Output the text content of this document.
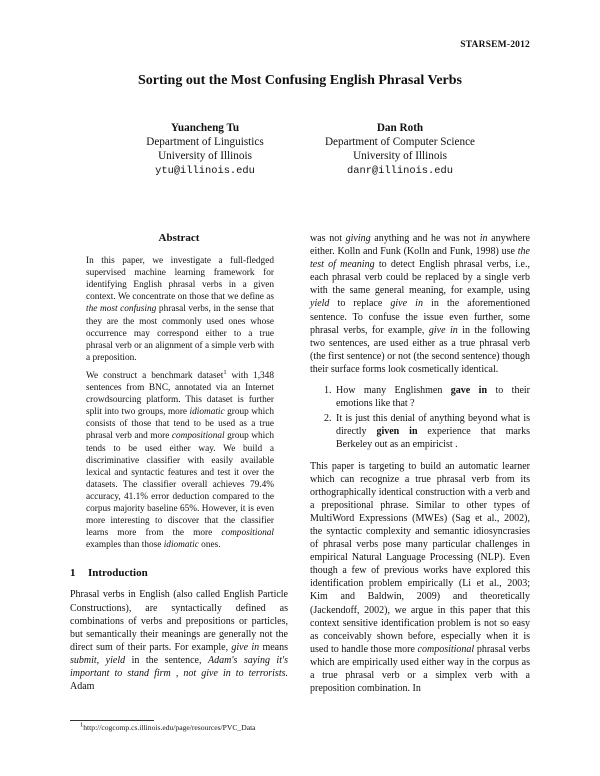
STARSEM-2012
Sorting out the Most Confusing English Phrasal Verbs
Yuancheng Tu
Department of Linguistics
University of Illinois
ytu@illinois.edu
Dan Roth
Department of Computer Science
University of Illinois
danr@illinois.edu
Abstract

In this paper, we investigate a full-fledged supervised machine learning framework for identifying English phrasal verbs in a given context. We concentrate on those that we define as the most confusing phrasal verbs, in the sense that they are the most commonly used ones whose occurrence may correspond either to a true phrasal verb or an alignment of a simple verb with a preposition.

We construct a benchmark dataset$^1$ with 1,348 sentences from BNC, annotated via an Internet crowdsourcing platform. This dataset is further split into two groups, more idiomatic group which consists of those that tend to be used as a true phrasal verb and more compositional group which tends to be used either way. We build a discriminative classifier with easily available lexical and syntactic features and test it over the datasets. The classifier overall achieves 79.4% accuracy, 41.1% error deduction compared to the corpus majority baseline 65%. However, it is even more interesting to discover that the classifier learns more from the more compositional examples than those idiomatic ones.

1 Introduction

Phrasal verbs in English (also called English Particle Constructions), are syntactically defined as combinations of verbs and prepositions or particles, but semantically their meanings are generally not the direct sum of their parts. For example, give in means submit, yield in the sentence, Adam's saying it's important to stand firm , not give in to terrorists. Adam

was not giving anything and he was not in anywhere either. Kolln and Funk (Kolln and Funk, 1998) use the test of meaning to detect English phrasal verbs, i.e., each phrasal verb could be replaced by a single verb with the same general meaning, for example, using yield to replace give in in the aforementioned sentence. To confuse the issue even further, some phrasal verbs, for example, give in in the following two sentences, are used either as a true phrasal verb (the first sentence) or not (the second sentence) though their surface forms look cosmetically identical.

1. How many Englishmen gave in to their emotions like that ?
2. It is just this denial of anything beyond what is directly given in experience that marks Berkeley out as an empiricist .

This paper is targeting to build an automatic learner which can recognize a true phrasal verb from its orthographically identical construction with a verb and a prepositional phrase. Similar to other types of MultiWord Expressions (MWEs) (Sag et al., 2002), the syntactic complexity and semantic idiosyncrasies of phrasal verbs pose many particular challenges in empirical Natural Language Processing (NLP). Even though a few of previous works have explored this identification problem empirically (Li et al., 2003; Kim and Baldwin, 2009) and theoretically (Jackendoff, 2002), we argue in this paper that this context sensitive identification problem is not so easy as conceivably shown before, especially when it is used to handle those more compositional phrasal verbs which are empirically used either way in the corpus as a true phrasal verb or a simplex verb with a preposition combination. In

$^1$http://cogcomp.cs.illinois.edu/page/resources/PVC_Data
